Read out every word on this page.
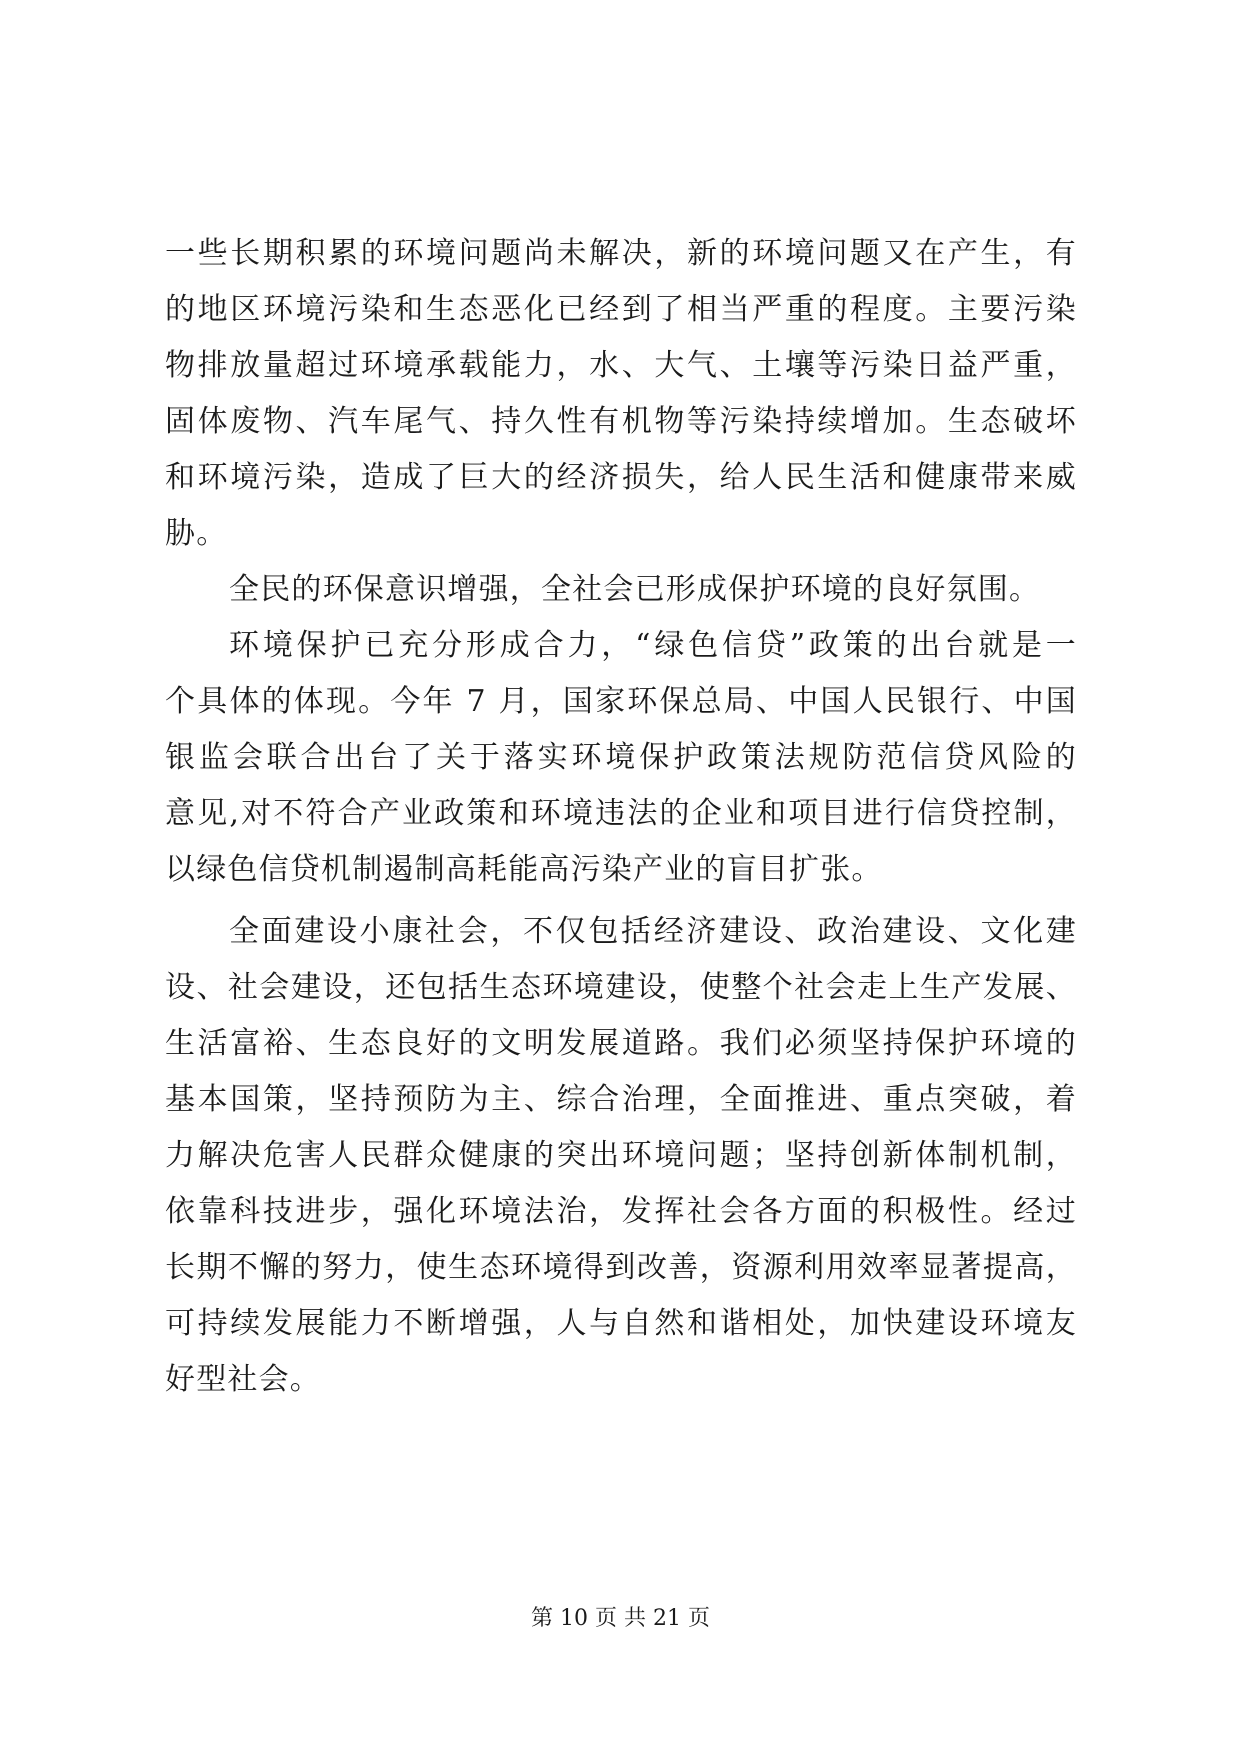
一些长期积累的环境问题尚未解决，新的环境问题又在产生，有
的地区环境污染和生态恶化已经到了相当严重的程度。主要污染
物排放量超过环境承载能力，水、大气、土壤等污染日益严重，
固体废物、汽车尾气、持久性有机物等污染持续增加。生态破坏
和环境污染，造成了巨大的经济损失，给人民生活和健康带来威
胁。
全民的环保意识增强，全社会已形成保护环境的良好氛围。
环境保护已充分形成合力，“绿色信贷”政策的出台就是一
个具体的体现。今年 7 月，国家环保总局、中国人民银行、中国
银监会联合出台了关于落实环境保护政策法规防范信贷风险的
意见,对不符合产业政策和环境违法的企业和项目进行信贷控制，
以绿色信贷机制遏制高耗能高污染产业的盲目扩张。
全面建设小康社会，不仅包括经济建设、政治建设、文化建
设、社会建设，还包括生态环境建设，使整个社会走上生产发展、
生活富裕、生态良好的文明发展道路。我们必须坚持保护环境的
基本国策，坚持预防为主、综合治理，全面推进、重点突破，着
力解决危害人民群众健康的突出环境问题；坚持创新体制机制，
依靠科技进步，强化环境法治，发挥社会各方面的积极性。经过
长期不懈的努力，使生态环境得到改善，资源利用效率显著提高，
可持续发展能力不断增强，人与自然和谐相处，加快建设环境友
好型社会。
第 10 页 共 21 页
